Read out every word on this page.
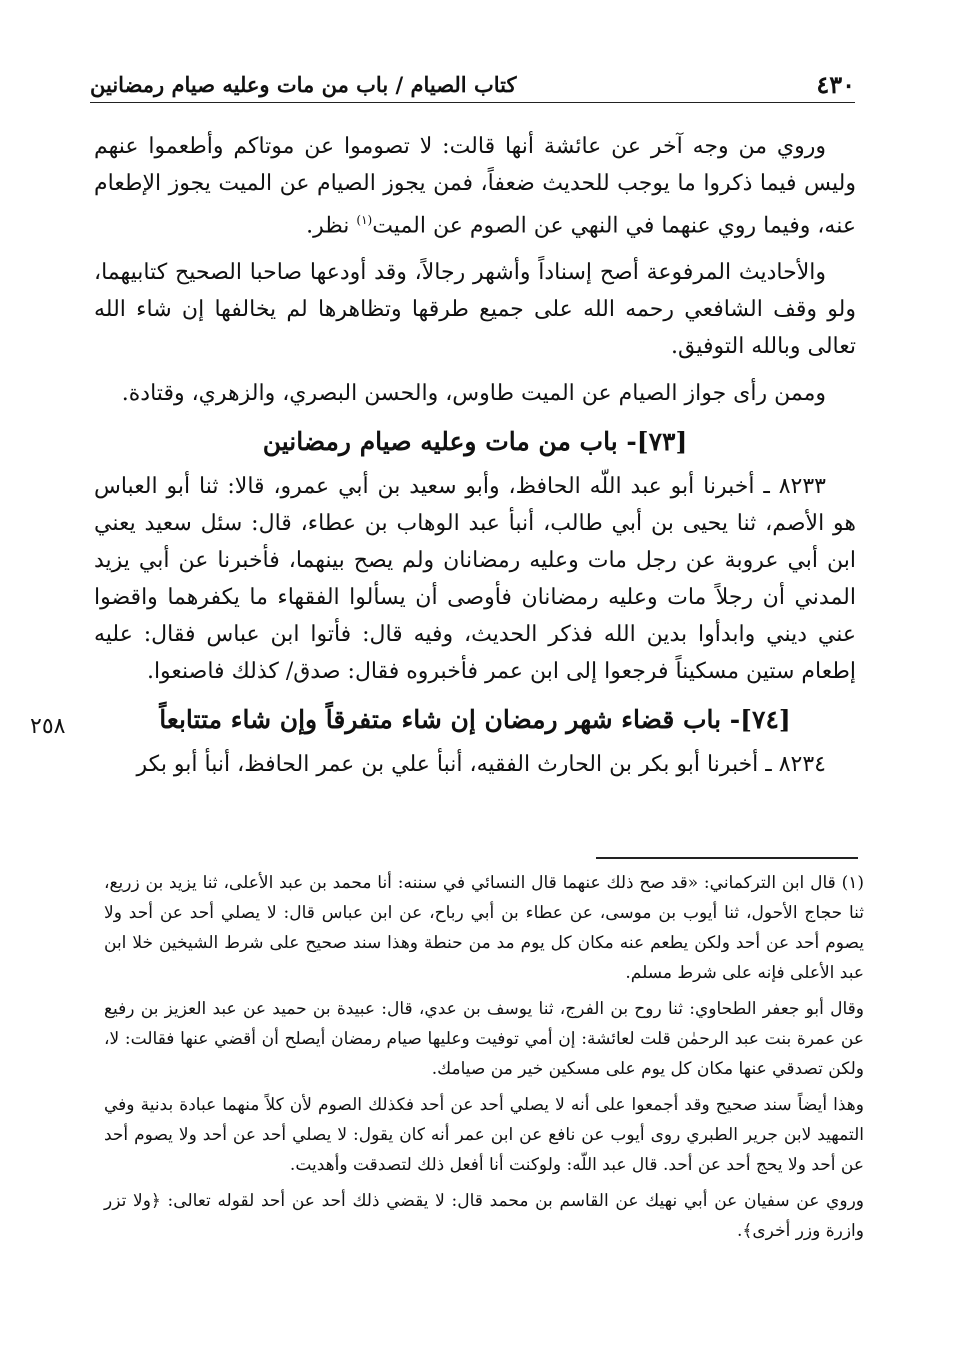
٤٣٠
كتاب الصيام / باب من مات وعليه صيام رمضانين

وروي من وجه آخر عن عائشة أنها قالت: لا تصوموا عن موتاكم وأطعموا عنهم وليس فيما ذكروا ما يوجب للحديث ضعفاً، فمن يجوز الصيام عن الميت يجوز الإطعام عنه، وفيما روي عنهما في النهي عن الصوم عن الميت$^{(١)}$ نظر.

والأحاديث المرفوعة أصح إسناداً وأشهر رجالاً، وقد أودعها صاحبا الصحيح كتابيهما، ولو وقف الشافعي رحمه الله على جميع طرقها وتظاهرها لم يخالفها إن شاء الله تعالى وبالله التوفيق.

وممن رأى جواز الصيام عن الميت طاوس، والحسن البصري، والزهري، وقتادة.

[٧٣]- باب من مات وعليه صيام رمضانين

٨٢٣٣ ـ أخبرنا أبو عبد اللّه الحافظ، وأبو سعيد بن أبي عمرو، قالا: ثنا أبو العباس هو الأصم، ثنا يحيى بن أبي طالب، أنبأ عبد الوهاب بن عطاء، قال: سئل سعيد يعني ابن أبي عروبة عن رجل مات وعليه رمضانان ولم يصح بينهما، فأخبرنا عن أبي يزيد المدني أن رجلاً مات وعليه رمضانان فأوصى أن يسألوا الفقهاء ما يكفرهما واقضوا عني ديني وابدأوا بدين الله فذكر الحديث، وفيه قال: فأتوا ابن عباس فقال: عليه إطعام ستين مسكيناً فرجعوا إلى ابن عمر فأخبروه فقال: صدق/ كذلك فاصنعوا.

[٧٤]- باب قضاء شهر رمضان إن شاء متفرقاً وإن شاء متتابعاً

٨٢٣٤ ـ أخبرنا أبو بكر بن الحارث الفقيه، أنبأ علي بن عمر الحافظ، أنبأ أبو بكر

٢٥٨

(١) قال ابن التركماني: «قد صح ذلك عنهما قال النسائي في سننه: أنا محمد بن عبد الأعلى، ثنا يزيد بن زريع، ثنا حجاج الأحول، ثنا أيوب بن موسى، عن عطاء بن أبي رباح، عن ابن عباس قال: لا يصلي أحد عن أحد ولا يصوم أحد عن أحد ولكن يطعم عنه مكان كل يوم مد من حنطة وهذا سند صحيح على شرط الشيخين خلا ابن عبد الأعلى فإنه على شرط مسلم.

وقال أبو جعفر الطحاوي: ثنا روح بن الفرج، ثنا يوسف بن عدي، قال: عبيدة بن حميد عن عبد العزيز بن رفيع عن عمرة بنت عبد الرحمٰن قلت لعائشة: إن أمي توفيت وعليها صيام رمضان أيصلح أن أقضي عنها فقالت: لا، ولكن تصدقي عنها مكان كل يوم على مسكين خير من صيامك.

وهذا أيضاً سند صحيح وقد أجمعوا على أنه لا يصلي أحد عن أحد فكذلك الصوم لأن كلاً منهما عبادة بدنية وفي التمهيد لابن جرير الطبري روى أيوب عن نافع عن ابن عمر أنه كان يقول: لا يصلي أحد عن أحد ولا يصوم أحد عن أحد ولا يحج أحد عن أحد. قال عبد اللّه: ولوكنت أنا أفعل ذلك لتصدقت وأهديت.

وروي عن سفيان عن أبي نهيك عن القاسم بن محمد قال: لا يقضي ذلك أحد عن أحد لقوله تعالى: ﴿ولا تزر وازرة وزر أخرى﴾.
